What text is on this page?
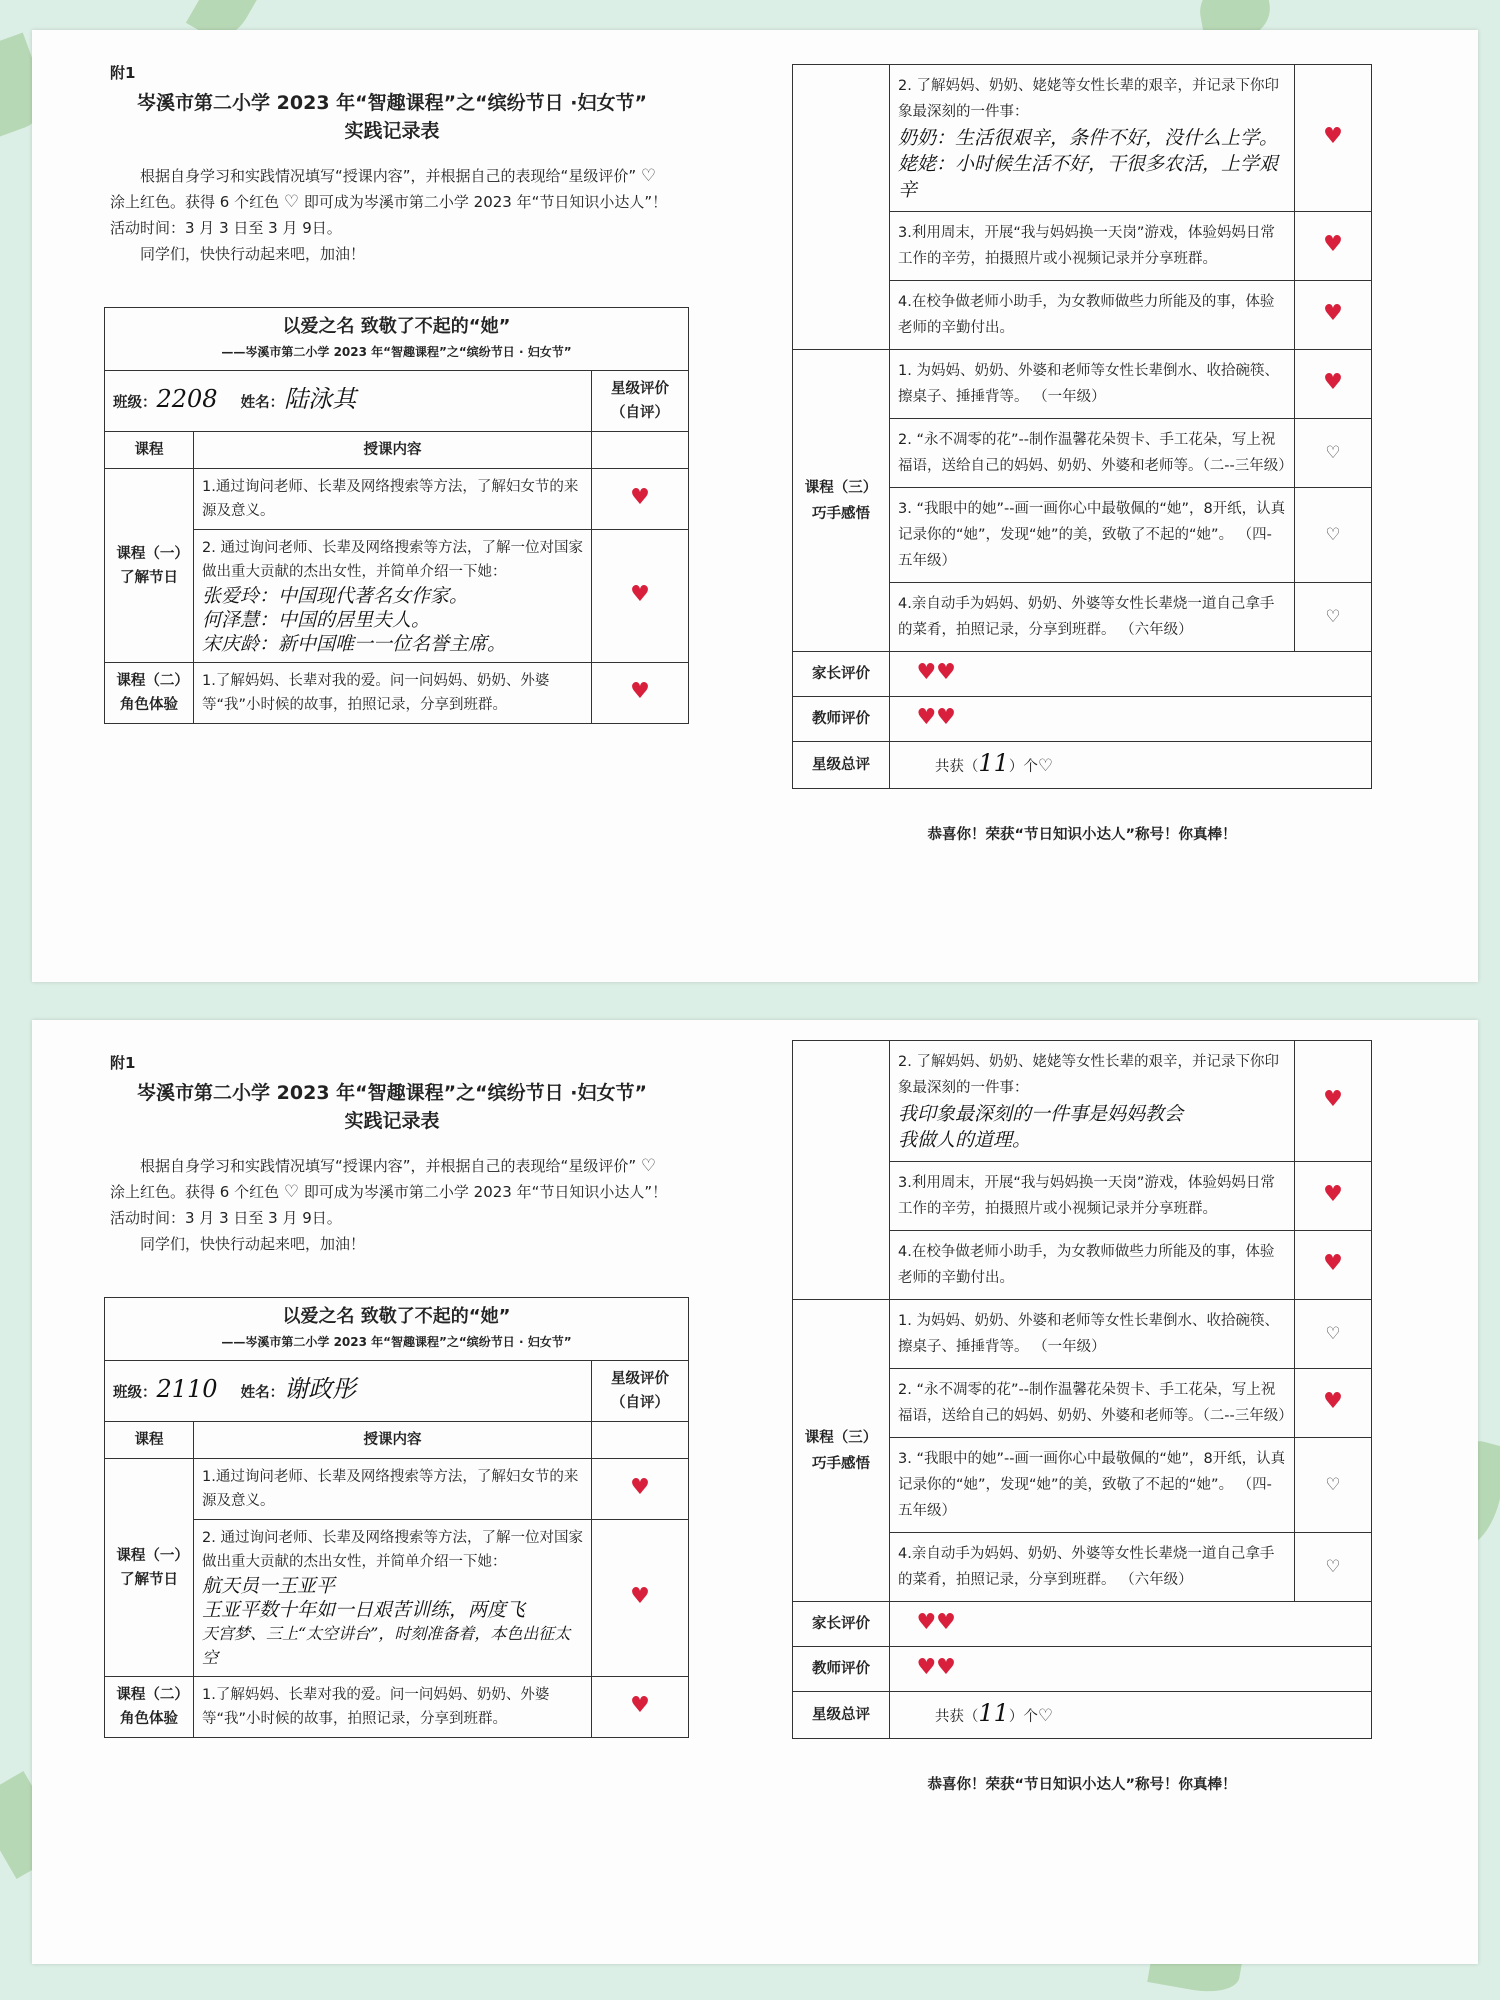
附1
岑溪市第二小学 2023 年“智趣课程”之“缤纷节日 ·妇女节”
实践记录表

根据自身学习和实践情况填写“授课内容”，并根据自己的表现给“星级评价” ♡ 涂上红色。获得 6 个红色 ♡ 即可成为岑溪市第二小学 2023 年“节日知识小达人”！活动时间：3 月 3 日至 3 月 9日。

同学们，快快行动起来吧，加油！

以爱之名 致敬了不起的“她”
——岑溪市第二小学 2023 年“智趣课程”之“缤纷节日 · 妇女节”		

班级：2208 姓名：陆泳其		星级评价（自评）
课程	授课内容	
课程（一）了解节日	1.通过询问老师、长辈及网络搜索等方法，了解妇女节的来源及意义。	♥

	2. 通过询问老师、长辈及网络搜索等方法，了解一位对国家做出重大贡献的杰出女性，并简单介绍一下她：
张爱玲：中国现代著名女作家。
何泽慧：中国的居里夫人。
宋庆龄：新中国唯一一位名誉主席。	♥
课程（二）角色体验	1.了解妈妈、长辈对我的爱。问一问妈妈、奶奶、外婆等“我”小时候的故事，拍照记录，分享到班群。	♥

	2. 了解妈妈、奶奶、姥姥等女性长辈的艰辛，并记录下你印象最深刻的一件事：
奶奶：生活很艰辛，条件不好，没什么上学。
姥姥：小时候生活不好，干很多农活，上学艰辛	♥
	3.利用周末，开展“我与妈妈换一天岗”游戏，体验妈妈日常工作的辛劳，拍摄照片或小视频记录并分享班群。	♥
	4.在校争做老师小助手，为女教师做些力所能及的事，体验老师的辛勤付出。	♥
课程（三）巧手感悟	1. 为妈妈、奶奶、外婆和老师等女性长辈倒水、收拾碗筷、擦桌子、捶捶背等。 （一年级）	♥
	2. “永不凋零的花”--制作温馨花朵贺卡、手工花朵，写上祝福语，送给自己的妈妈、奶奶、外婆和老师等。（二--三年级）	♡
	3. “我眼中的她”--画一画你心中最敬佩的“她”，8开纸，认真记录你的“她”，发现“她”的美，致敬了不起的“她”。 （四-五年级）	♡
	4.亲自动手为妈妈、奶奶、外婆等女性长辈烧一道自己拿手的菜肴，拍照记录，分享到班群。 （六年级）	♡
家长评价	♥♥	
教师评价	♥♥	
星级总评	共获（11）个♡	
恭喜你！荣获“节日知识小达人”称号！你真棒！
附1
岑溪市第二小学 2023 年“智趣课程”之“缤纷节日 ·妇女节”
实践记录表

根据自身学习和实践情况填写“授课内容”，并根据自己的表现给“星级评价” ♡ 涂上红色。获得 6 个红色 ♡ 即可成为岑溪市第二小学 2023 年“节日知识小达人”！活动时间：3 月 3 日至 3 月 9日。

同学们，快快行动起来吧，加油！

以爱之名 致敬了不起的“她”
——岑溪市第二小学 2023 年“智趣课程”之“缤纷节日 · 妇女节”		

班级：2110 姓名：谢政彤		星级评价（自评）
课程	授课内容	
课程（一）了解节日	1.通过询问老师、长辈及网络搜索等方法，了解妇女节的来源及意义。	♥

	2. 通过询问老师、长辈及网络搜索等方法，了解一位对国家做出重大贡献的杰出女性，并简单介绍一下她：
航天员一王亚平
王亚平数十年如一日艰苦训练，两度飞
天宫梦、三上“太空讲台”，时刻准备着，本色出征太空	♥
课程（二）角色体验	1.了解妈妈、长辈对我的爱。问一问妈妈、奶奶、外婆等“我”小时候的故事，拍照记录，分享到班群。	♥

	2. 了解妈妈、奶奶、姥姥等女性长辈的艰辛，并记录下你印象最深刻的一件事：
我印象最深刻的一件事是妈妈教会
我做人的道理。	♥
	3.利用周末，开展“我与妈妈换一天岗”游戏，体验妈妈日常工作的辛劳，拍摄照片或小视频记录并分享班群。	♥
	4.在校争做老师小助手，为女教师做些力所能及的事，体验老师的辛勤付出。	♥
课程（三）巧手感悟	1. 为妈妈、奶奶、外婆和老师等女性长辈倒水、收拾碗筷、擦桌子、捶捶背等。 （一年级）	♡
	2. “永不凋零的花”--制作温馨花朵贺卡、手工花朵，写上祝福语，送给自己的妈妈、奶奶、外婆和老师等。（二--三年级）	♥
	3. “我眼中的她”--画一画你心中最敬佩的“她”，8开纸，认真记录你的“她”，发现“她”的美，致敬了不起的“她”。 （四-五年级）	♡
	4.亲自动手为妈妈、奶奶、外婆等女性长辈烧一道自己拿手的菜肴，拍照记录，分享到班群。 （六年级）	♡
家长评价	♥♥	
教师评价	♥♥	
星级总评	共获（11）个♡	
恭喜你！荣获“节日知识小达人”称号！你真棒！
